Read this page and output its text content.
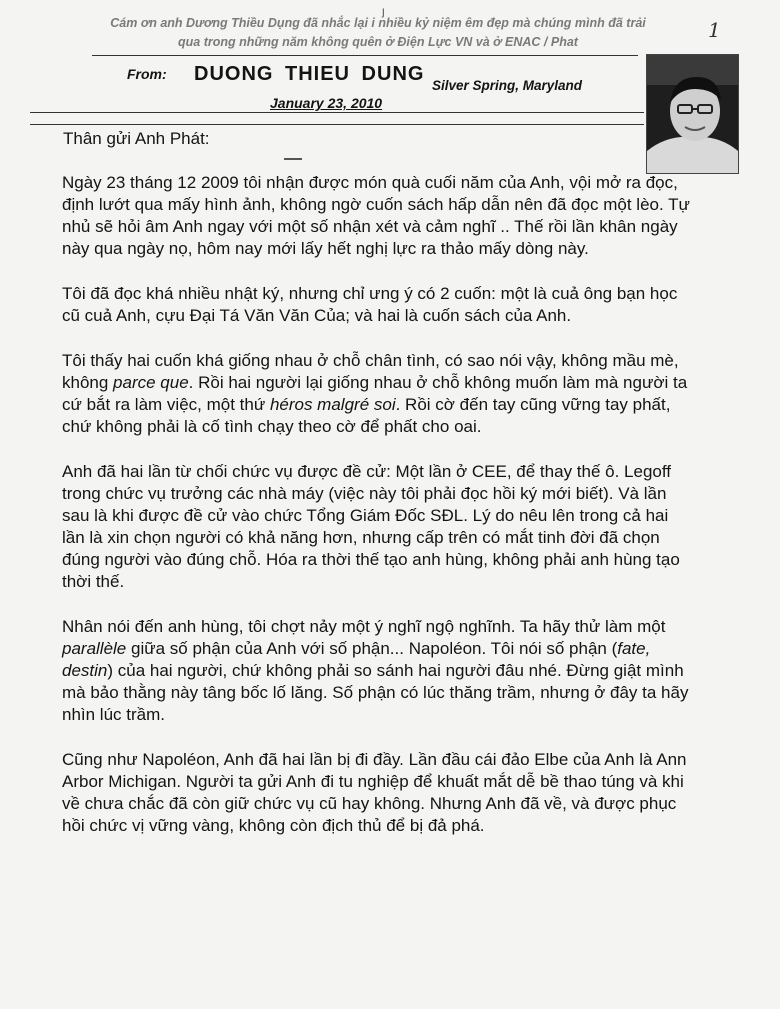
ȷ
1
Cám ơn anh Dương Thiều Dụng đã nhắc lại i nhiều kỷ niệm êm đẹp mà chúng mình đã trải qua trong những năm không quên ở Điện Lực VN và ở ENAC / Phat
From: DUONG THIEU DUNG
Silver Spring, Maryland
January 23, 2010
Thân gửi Anh Phát:

Ngày 23 tháng 12 2009 tôi nhận được món quà cuối năm của Anh, vội mở ra đọc, định lướt qua mấy hình ảnh, không ngờ cuốn sách hấp dẫn nên đã đọc một lèo. Tự nhủ sẽ hỏi âm Anh ngay với một số nhận xét và cảm nghĩ .. Thế rồi lần khân ngày này qua ngày nọ, hôm nay mới lấy hết nghị lực ra thảo mấy dòng này.

Tôi đã đọc khá nhiều nhật ký, nhưng chỉ ưng ý có 2 cuốn: một là cuả ông bạn học cũ cuả Anh, cựu Đại Tá Văn Văn Của; và hai là cuốn sách của Anh.

Tôi thấy hai cuốn khá giống nhau ở chỗ chân tình, có sao nói vậy, không mầu mè, không parce que. Rồi hai người lại giống nhau ở chỗ không muốn làm mà người ta cứ bắt ra làm việc, một thứ héros malgré soi. Rồi cờ đến tay cũng vững tay phất, chứ không phải là cố tình chạy theo cờ để phất cho oai.

Anh đã hai lần từ chối chức vụ được đề cử: Một lần ở CEE, để thay thế ô. Legoff trong chức vụ trưởng các nhà máy (việc này tôi phải đọc hồi ký mới biết). Và lần sau là khi được đề cử vào chức Tổng Giám Đốc SĐL. Lý do nêu lên trong cả hai lần là xin chọn người có khả năng hơn, nhưng cấp trên có mắt tinh đời đã chọn đúng người vào đúng chỗ. Hóa ra thời thế tạo anh hùng, không phải anh hùng tạo thời thế.

Nhân nói đến anh hùng, tôi chợt nảy một ý nghĩ ngộ nghĩnh. Ta hãy thử làm một parallèle giữa số phận của Anh với số phận... Napoléon. Tôi nói số phận (fate, destin) của hai người, chứ không phải so sánh hai người đâu nhé. Đừng giật mình mà bảo thằng này tâng bốc lố lăng. Số phận có lúc thăng trầm, nhưng ở đây ta hãy nhìn lúc trầm.

Cũng như Napoléon, Anh đã hai lần bị đi đầy. Lần đầu cái đảo Elbe của Anh là Ann Arbor Michigan. Người ta gửi Anh đi tu nghiệp để khuất mắt dễ bề thao túng và khi về chưa chắc đã còn giữ chức vụ cũ hay không. Nhưng Anh đã về, và được phục hồi chức vị vững vàng, không còn địch thủ để bị đả phá.
